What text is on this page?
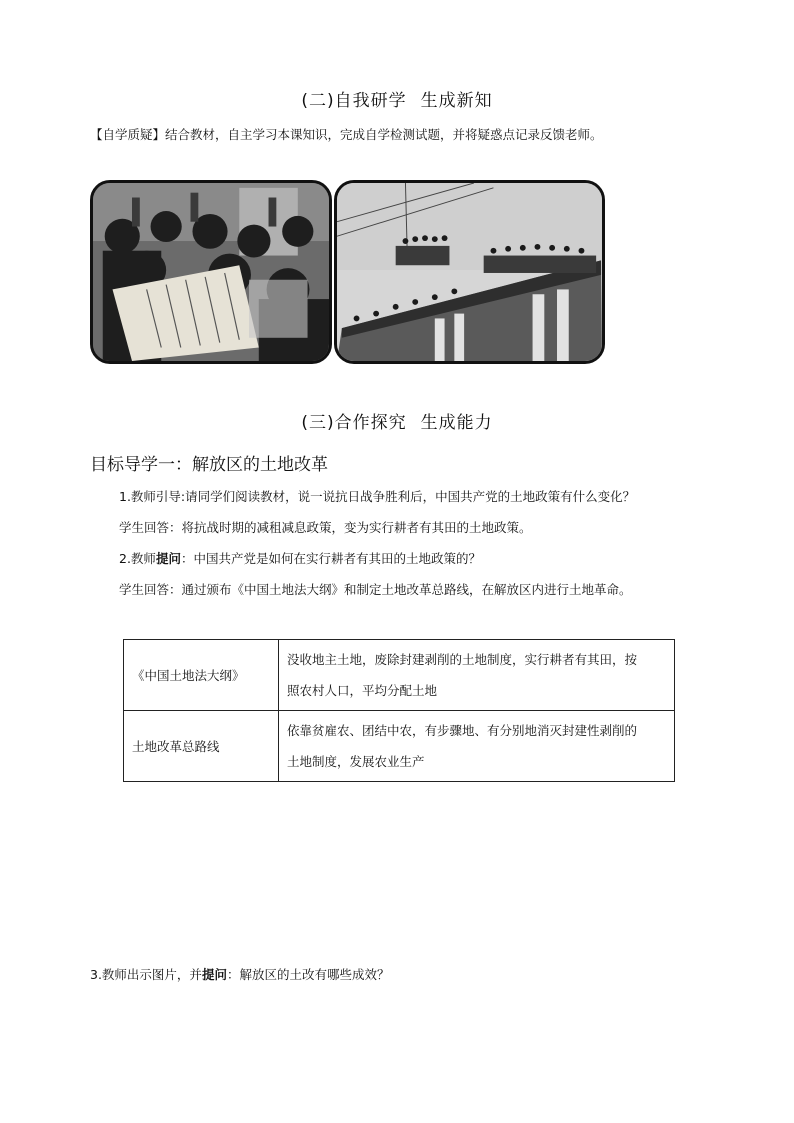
(二)自我研学 生成新知
【自学质疑】结合教材，自主学习本课知识，完成自学检测试题，并将疑惑点记录反馈老师。
(三)合作探究 生成能力
目标导学一：解放区的土地改革
1.教师引导:请同学们阅读教材，说一说抗日战争胜利后，中国共产党的土地政策有什么变化？
学生回答：将抗战时期的减租减息政策，变为实行耕者有其田的土地政策。
2.教师提问：中国共产党是如何在实行耕者有其田的土地政策的？
学生回答：通过颁布《中国土地法大纲》和制定土地改革总路线，在解放区内进行土地革命。
《中国土地法大纲》	没收地主土地，废除封建剥削的土地制度，实行耕者有其田，按
照农村人口，平均分配土地

土地改革总路线	依靠贫雇农、团结中农，有步骤地、有分别地消灭封建性剥削的
土地制度，发展农业生产
3.教师出示图片，并提问：解放区的土改有哪些成效？
